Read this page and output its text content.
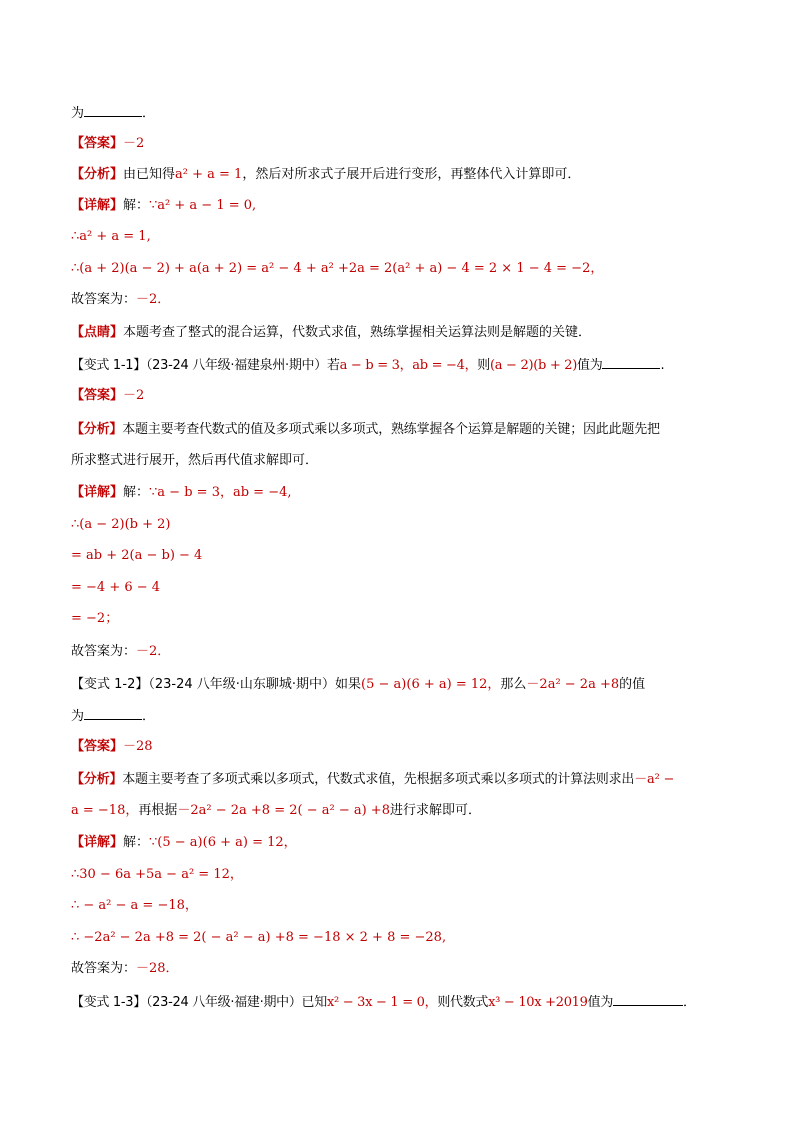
为	．
【答案】－2
【分析】由已知得a² + a = 1，然后对所求式子展开后进行变形，再整体代入计算即可．
【详解】解：∵a² + a − 1 = 0,
∴a² + a = 1,
∴(a + 2)(a − 2) + a(a + 2) = a² − 4 + a² +2a = 2(a² + a) − 4 = 2 × 1 − 4 = −2，
故答案为：－2．
【点睛】本题考查了整式的混合运算，代数式求值，熟练掌握相关运算法则是解题的关键．
【变式 1-1】（23-24 八年级·福建泉州·期中）若a − b = 3，ab = −4，则(a − 2)(b + 2)值为	.
【答案】－2
【分析】本题主要考查代数式的值及多项式乘以多项式，熟练掌握各个运算是解题的关键；因此此题先把
所求整式进行展开，然后再代值求解即可．
【详解】解：∵a − b = 3，ab = −4,
∴(a − 2)(b + 2)
= ab + 2(a − b) − 4
= −4 + 6 − 4
= −2；
故答案为：－2．
【变式 1-2】（23-24 八年级·山东聊城·期中）如果(5 − a)(6 + a) = 12，那么－2a² − 2a +8的值
为	．
【答案】－28
【分析】本题主要考查了多项式乘以多项式，代数式求值，先根据多项式乘以多项式的计算法则求出－a² −
a = −18，再根据－2a² − 2a +8 = 2( − a² − a) +8进行求解即可．
【详解】解：∵(5 − a)(6 + a) = 12，
∴30 − 6a +5a − a² = 12，
∴ − a² − a = −18，
∴ −2a² − 2a +8 = 2( − a² − a) +8 = −18 × 2 + 8 = −28,
故答案为：－28．
【变式 1-3】（23-24 八年级·福建·期中）已知x² − 3x − 1 = 0，则代数式x³ − 10x +2019值为	．
